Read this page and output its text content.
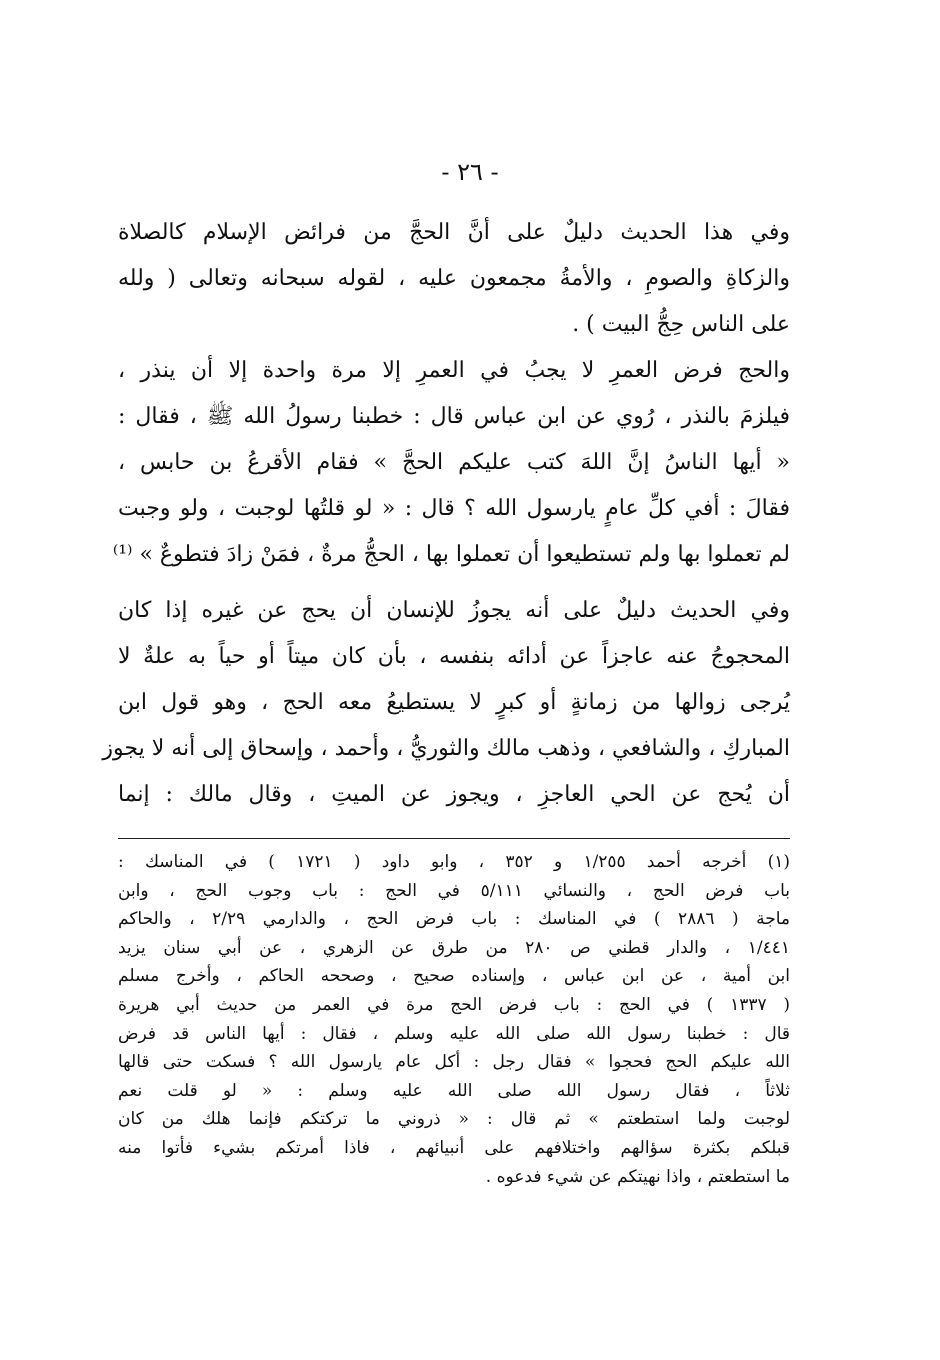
- ٢٦ -
وفي هذا الحديث دليلٌ على أنَّ الحجَّ من فرائض الإسلام كالصلاة
والزكاةِ والصومِ ، والأمةُ مجمعون عليه ، لقوله سبحانه وتعالى ( ولله
على الناس حِجُّ البيت ) .
والحج فرض العمرِ لا يجبُ في العمرِ إلا مرة واحدة إلا أن ينذر ،
فيلزمَ بالنذر ، رُوي عن ابن عباس قال : خطبنا رسولُ الله ﷺ ، فقال :
« أيها الناسُ إنَّ اللهَ كتب عليكم الحجَّ » فقام الأقرعُ بن حابس ،
فقالَ : أفي كلِّ عامٍ يارسول الله ؟ قال : « لو قلتُها لوجبت ، ولو وجبت
لم تعملوا بها ولم تستطيعوا أن تعملوا بها ، الحجُّ مرةٌ ، فمَنْ زادَ فتطوعٌ » ⁽¹⁾
وفي الحديث دليلٌ على أنه يجوزُ للإنسان أن يحج عن غيره إذا كان
المحجوجُ عنه عاجزاً عن أدائه بنفسه ، بأن كان ميتاً أو حياً به علةٌ لا
يُرجى زوالها من زمانةٍ أو كبرٍ لا يستطيعُ معه الحج ، وهو قول ابن
المباركِ ، والشافعي ، وذهب مالك والثوريُّ ، وأحمد ، وإسحاق إلى أنه لا يجوز
أن يُحج عن الحي العاجزِ ، ويجوز عن الميتِ ، وقال مالك : إنما
(١) أخرجه أحمد ١/٢٥٥ و ٣٥٢ ، وابو داود ( ١٧٢١ ) في المناسك :
باب فرض الحج ، والنسائي ٥/١١١ في الحج : باب وجوب الحج ، وابن
ماجة ( ٢٨٨٦ ) في المناسك : باب فرض الحج ، والدارمي ٢/٢٩ ، والحاكم
١/٤٤١ ، والدار قطني ص ٢٨٠ من طرق عن الزهري ، عن أبي سنان يزيد
ابن أمية ، عن ابن عباس ، وإسناده صحيح ، وصححه الحاكم ، وأخرج مسلم
( ١٣٣٧ ) في الحج : باب فرض الحج مرة في العمر من حديث أبي هريرة
قال : خطبنا رسول الله صلى الله عليه وسلم ، فقال : أيها الناس قد فرض
الله عليكم الحج فحجوا » فقال رجل : أكل عام يارسول الله ؟ فسكت حتى قالها
ثلاثاً ، فقال رسول الله صلى الله عليه وسلم : « لو قلت نعم
لوجبت ولما استطعتم » ثم قال : « ذروني ما تركتكم فإنما هلك من كان
قبلكم بكثرة سؤالهم واختلافهم على أنبيائهم ، فاذا أمرتكم بشيء فأتوا منه
ما استطعتم ، واذا نهيتكم عن شيء فدعوه .
